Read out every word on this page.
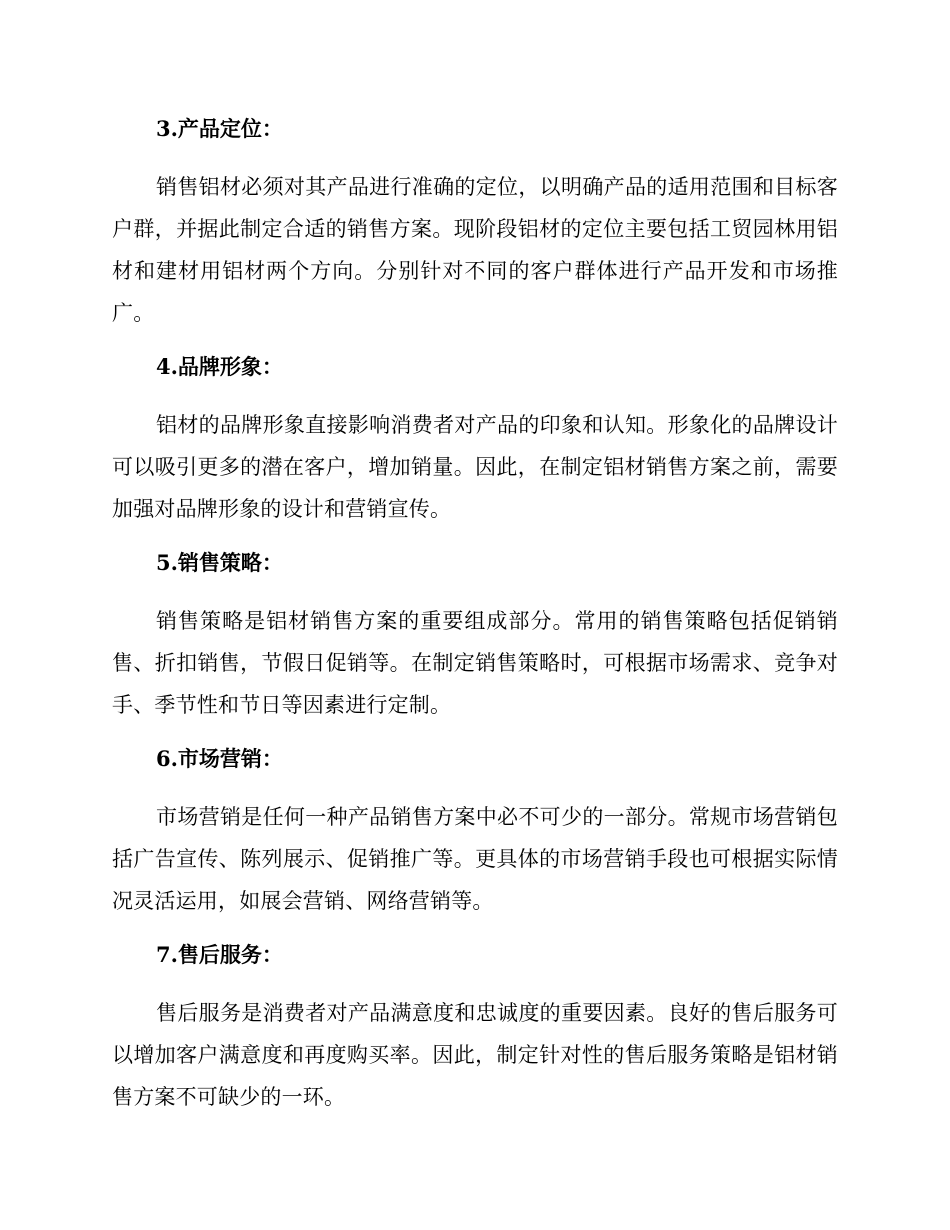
3.产品定位：

销售铝材必须对其产品进行准确的定位，以明确产品的适用范围和目标客户群，并据此制定合适的销售方案。现阶段铝材的定位主要包括工贸园林用铝材和建材用铝材两个方向。分别针对不同的客户群体进行产品开发和市场推广。

4.品牌形象：

铝材的品牌形象直接影响消费者对产品的印象和认知。形象化的品牌设计可以吸引更多的潜在客户，增加销量。因此，在制定铝材销售方案之前，需要加强对品牌形象的设计和营销宣传。

5.销售策略：

销售策略是铝材销售方案的重要组成部分。常用的销售策略包括促销销售、折扣销售，节假日促销等。在制定销售策略时，可根据市场需求、竞争对手、季节性和节日等因素进行定制。

6.市场营销：

市场营销是任何一种产品销售方案中必不可少的一部分。常规市场营销包括广告宣传、陈列展示、促销推广等。更具体的市场营销手段也可根据实际情况灵活运用，如展会营销、网络营销等。

7.售后服务：

售后服务是消费者对产品满意度和忠诚度的重要因素。良好的售后服务可以增加客户满意度和再度购买率。因此，制定针对性的售后服务策略是铝材销售方案不可缺少的一环。
